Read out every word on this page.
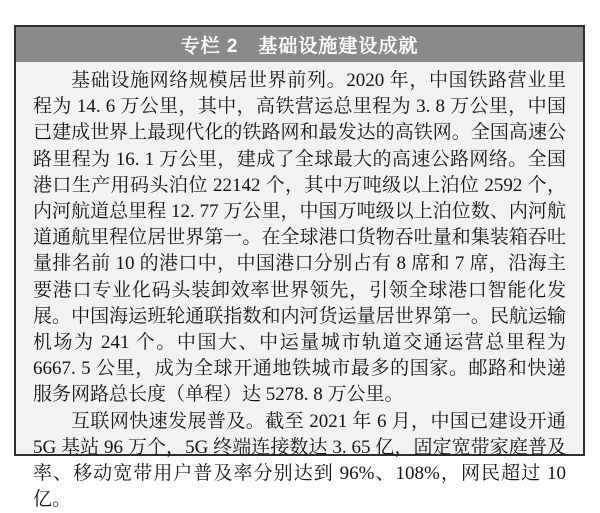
专栏 2　基础设施建设成就

基础设施网络规模居世界前列。2020 年，中国铁路营业里程为 14. 6 万公里，其中，高铁营运总里程为 3. 8 万公里，中国已建成世界上最现代化的铁路网和最发达的高铁网。全国高速公路里程为 16. 1 万公里，建成了全球最大的高速公路网络。全国港口生产用码头泊位 22142 个，其中万吨级以上泊位 2592 个，内河航道总里程 12. 77 万公里，中国万吨级以上泊位数、内河航道通航里程位居世界第一。在全球港口货物吞吐量和集装箱吞吐量排名前 10 的港口中，中国港口分别占有 8 席和 7 席，沿海主要港口专业化码头装卸效率世界领先，引领全球港口智能化发展。中国海运班轮通联指数和内河货运量居世界第一。民航运输机场为 241 个。中国大、中运量城市轨道交通运营总里程为 6667. 5 公里，成为全球开通地铁城市最多的国家。邮路和快递服务网路总长度（单程）达 5278. 8 万公里。

互联网快速发展普及。截至 2021 年 6 月，中国已建设开通 5G 基站 96 万个，5G 终端连接数达 3. 65 亿，固定宽带家庭普及率、移动宽带用户普及率分别达到 96%、108%，网民超过 10 亿。
